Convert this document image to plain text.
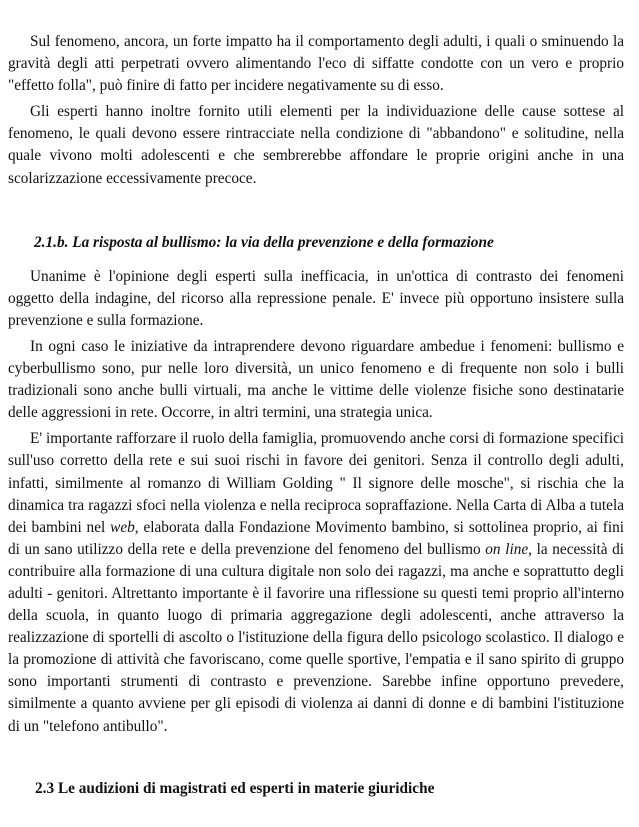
Sul fenomeno, ancora, un forte impatto ha il comportamento degli adulti, i quali o sminuendo la gravità degli atti perpetrati ovvero alimentando l'eco di siffatte condotte con un vero e proprio "effetto folla", può finire di fatto per incidere negativamente su di esso.

Gli esperti hanno inoltre fornito utili elementi per la individuazione delle cause sottese al fenomeno, le quali devono essere rintracciate nella condizione di "abbandono" e solitudine, nella quale vivono molti adolescenti e che sembrerebbe affondare le proprie origini anche in una scolarizzazione eccessivamente precoce.

2.1.b. La risposta al bullismo: la via della prevenzione e della formazione

Unanime è l'opinione degli esperti sulla inefficacia, in un'ottica di contrasto dei fenomeni oggetto della indagine, del ricorso alla repressione penale. E' invece più opportuno insistere sulla prevenzione e sulla formazione.

In ogni caso le iniziative da intraprendere devono riguardare ambedue i fenomeni: bullismo e cyberbullismo sono, pur nelle loro diversità, un unico fenomeno e di frequente non solo i bulli tradizionali sono anche bulli virtuali, ma anche le vittime delle violenze fisiche sono destinatarie delle aggressioni in rete. Occorre, in altri termini, una strategia unica.

E' importante rafforzare il ruolo della famiglia, promuovendo anche corsi di formazione specifici sull'uso corretto della rete e sui suoi rischi in favore dei genitori. Senza il controllo degli adulti, infatti, similmente al romanzo di William Golding " Il signore delle mosche", si rischia che la dinamica tra ragazzi sfoci nella violenza e nella reciproca sopraffazione. Nella Carta di Alba a tutela dei bambini nel web, elaborata dalla Fondazione Movimento bambino, si sottolinea proprio, ai fini di un sano utilizzo della rete e della prevenzione del fenomeno del bullismo on line, la necessità di contribuire alla formazione di una cultura digitale non solo dei ragazzi, ma anche e soprattutto degli adulti - genitori. Altrettanto importante è il favorire una riflessione su questi temi proprio all'interno della scuola, in quanto luogo di primaria aggregazione degli adolescenti, anche attraverso la realizzazione di sportelli di ascolto o l'istituzione della figura dello psicologo scolastico. Il dialogo e la promozione di attività che favoriscano, come quelle sportive, l'empatia e il sano spirito di gruppo sono importanti strumenti di contrasto e prevenzione. Sarebbe infine opportuno prevedere, similmente a quanto avviene per gli episodi di violenza ai danni di donne e di bambini l'istituzione di un "telefono antibullo".

2.3 Le audizioni di magistrati ed esperti in materie giuridiche
